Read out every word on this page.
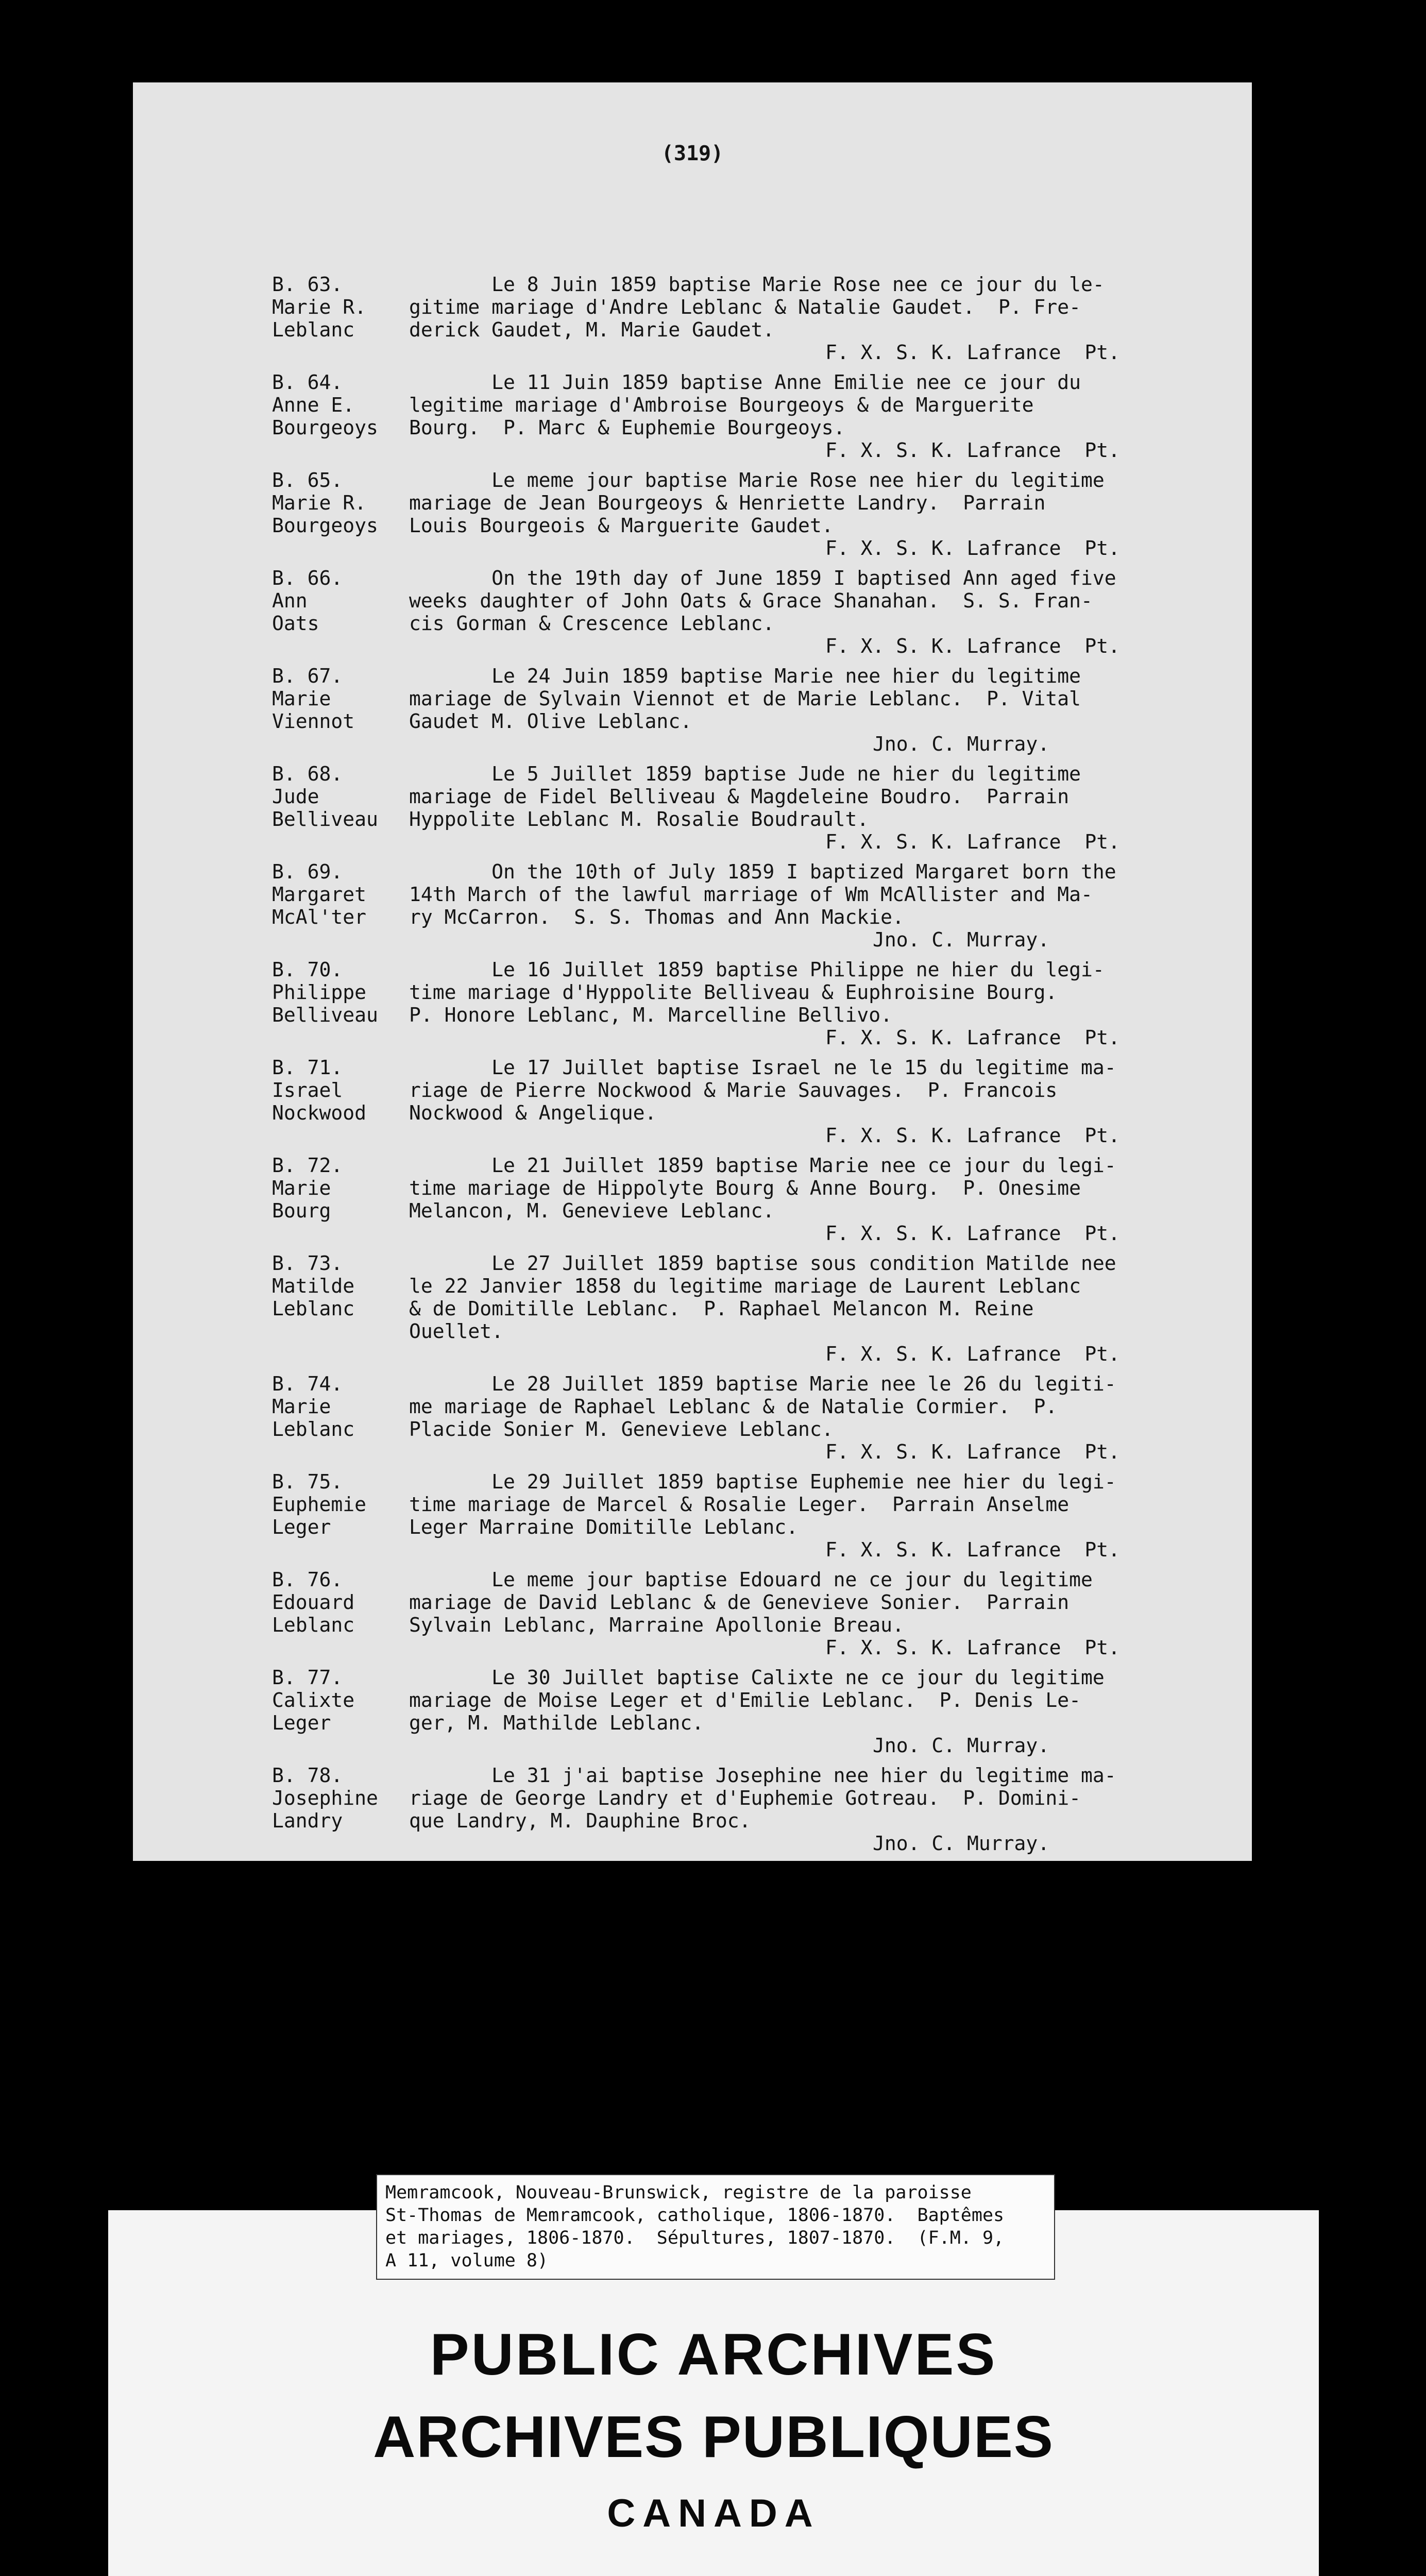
(319)
B. 63.
Marie R.
Leblanc
Le 8 Juin 1859 baptise Marie Rose nee ce jour du le-
gitime mariage d'Andre Leblanc & Natalie Gaudet.  P. Fre-
derick Gaudet, M. Marie Gaudet.
F. X. S. K. Lafrance  Pt.
B. 64.
Anne E.
Bourgeoys
Le 11 Juin 1859 baptise Anne Emilie nee ce jour du
legitime mariage d'Ambroise Bourgeoys & de Marguerite
Bourg.  P. Marc & Euphemie Bourgeoys.
F. X. S. K. Lafrance  Pt.
B. 65.
Marie R.
Bourgeoys
Le meme jour baptise Marie Rose nee hier du legitime
mariage de Jean Bourgeoys & Henriette Landry.  Parrain
Louis Bourgeois & Marguerite Gaudet.
F. X. S. K. Lafrance  Pt.
B. 66.
Ann
Oats
On the 19th day of June 1859 I baptised Ann aged five
weeks daughter of John Oats & Grace Shanahan.  S. S. Fran-
cis Gorman & Crescence Leblanc.
F. X. S. K. Lafrance  Pt.
B. 67.
Marie
Viennot
Le 24 Juin 1859 baptise Marie nee hier du legitime
mariage de Sylvain Viennot et de Marie Leblanc.  P. Vital
Gaudet M. Olive Leblanc.
Jno. C. Murray.
B. 68.
Jude
Belliveau
Le 5 Juillet 1859 baptise Jude ne hier du legitime
mariage de Fidel Belliveau & Magdeleine Boudro.  Parrain
Hyppolite Leblanc M. Rosalie Boudrault.
F. X. S. K. Lafrance  Pt.
B. 69.
Margaret
McAl'ter
On the 10th of July 1859 I baptized Margaret born the
14th March of the lawful marriage of Wm McAllister and Ma-
ry McCarron.  S. S. Thomas and Ann Mackie.
Jno. C. Murray.
B. 70.
Philippe
Belliveau
Le 16 Juillet 1859 baptise Philippe ne hier du legi-
time mariage d'Hyppolite Belliveau & Euphroisine Bourg.
P. Honore Leblanc, M. Marcelline Bellivo.
F. X. S. K. Lafrance  Pt.
B. 71.
Israel
Nockwood
Le 17 Juillet baptise Israel ne le 15 du legitime ma-
riage de Pierre Nockwood & Marie Sauvages.  P. Francois
Nockwood & Angelique.
F. X. S. K. Lafrance  Pt.
B. 72.
Marie
Bourg
Le 21 Juillet 1859 baptise Marie nee ce jour du legi-
time mariage de Hippolyte Bourg & Anne Bourg.  P. Onesime
Melancon, M. Genevieve Leblanc.
F. X. S. K. Lafrance  Pt.
B. 73.
Matilde
Leblanc
Le 27 Juillet 1859 baptise sous condition Matilde nee
le 22 Janvier 1858 du legitime mariage de Laurent Leblanc
& de Domitille Leblanc.  P. Raphael Melancon M. Reine
Ouellet.
F. X. S. K. Lafrance  Pt.
B. 74.
Marie
Leblanc
Le 28 Juillet 1859 baptise Marie nee le 26 du legiti-
me mariage de Raphael Leblanc & de Natalie Cormier.  P.
Placide Sonier M. Genevieve Leblanc.
F. X. S. K. Lafrance  Pt.
B. 75.
Euphemie
Leger
Le 29 Juillet 1859 baptise Euphemie nee hier du legi-
time mariage de Marcel & Rosalie Leger.  Parrain Anselme
Leger Marraine Domitille Leblanc.
F. X. S. K. Lafrance  Pt.
B. 76.
Edouard
Leblanc
Le meme jour baptise Edouard ne ce jour du legitime
mariage de David Leblanc & de Genevieve Sonier.  Parrain
Sylvain Leblanc, Marraine Apollonie Breau.
F. X. S. K. Lafrance  Pt.
B. 77.
Calixte
Leger
Le 30 Juillet baptise Calixte ne ce jour du legitime
mariage de Moise Leger et d'Emilie Leblanc.  P. Denis Le-
ger, M. Mathilde Leblanc.
Jno. C. Murray.
B. 78.
Josephine
Landry
Le 31 j'ai baptise Josephine nee hier du legitime ma-
riage de George Landry et d'Euphemie Gotreau.  P. Domini-
que Landry, M. Dauphine Broc.
Jno. C. Murray.
PUBLIC ARCHIVES
ARCHIVES PUBLIQUES
CANADA
Memramcook, Nouveau-Brunswick, registre de la paroisse
St-Thomas de Memramcook, catholique, 1806-1870.  Baptêmes
et mariages, 1806-1870.  Sépultures, 1807-1870.  (F.M. 9,
A 11, volume 8)
